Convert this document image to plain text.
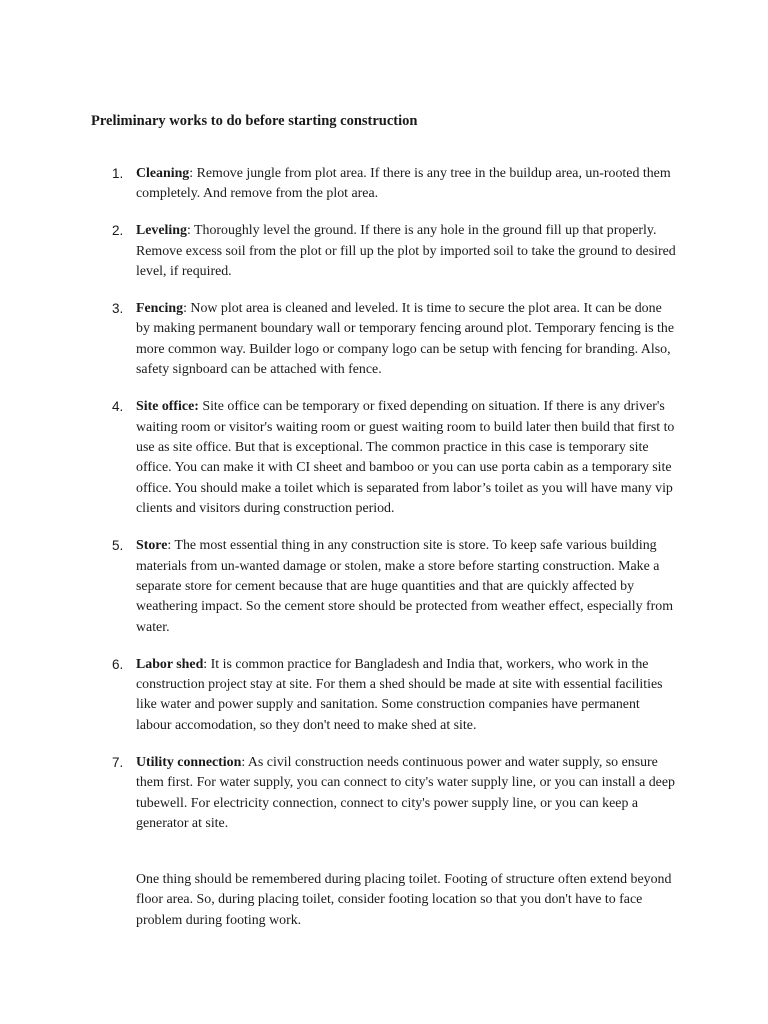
Preliminary works to do before starting construction
1. Cleaning: Remove jungle from plot area. If there is any tree in the buildup area, un-rooted them completely. And remove from the plot area.
2. Leveling: Thoroughly level the ground. If there is any hole in the ground fill up that properly. Remove excess soil from the plot or fill up the plot by imported soil to take the ground to desired level, if required.
3. Fencing: Now plot area is cleaned and leveled. It is time to secure the plot area. It can be done by making permanent boundary wall or temporary fencing around plot. Temporary fencing is the more common way. Builder logo or company logo can be setup with fencing for branding. Also, safety signboard can be attached with fence.
4. Site office: Site office can be temporary or fixed depending on situation. If there is any driver's waiting room or visitor's waiting room or guest waiting room to build later then build that first to use as site office. But that is exceptional. The common practice in this case is temporary site office. You can make it with CI sheet and bamboo or you can use porta cabin as a temporary site office. You should make a toilet which is separated from labor’s toilet as you will have many vip clients and visitors during construction period.
5. Store: The most essential thing in any construction site is store. To keep safe various building materials from un-wanted damage or stolen, make a store before starting construction. Make a separate store for cement because that are huge quantities and that are quickly affected by weathering impact. So the cement store should be protected from weather effect, especially from water.
6. Labor shed: It is common practice for Bangladesh and India that, workers, who work in the construction project stay at site. For them a shed should be made at site with essential facilities like water and power supply and sanitation. Some construction companies have permanent labour accomodation, so they don't need to make shed at site.
7. Utility connection: As civil construction needs continuous power and water supply, so ensure them first. For water supply, you can connect to city's water supply line, or you can install a deep tubewell. For electricity connection, connect to city's power supply line, or you can keep a generator at site.

One thing should be remembered during placing toilet. Footing of structure often extend beyond floor area. So, during placing toilet, consider footing location so that you don't have to face problem during footing work.
